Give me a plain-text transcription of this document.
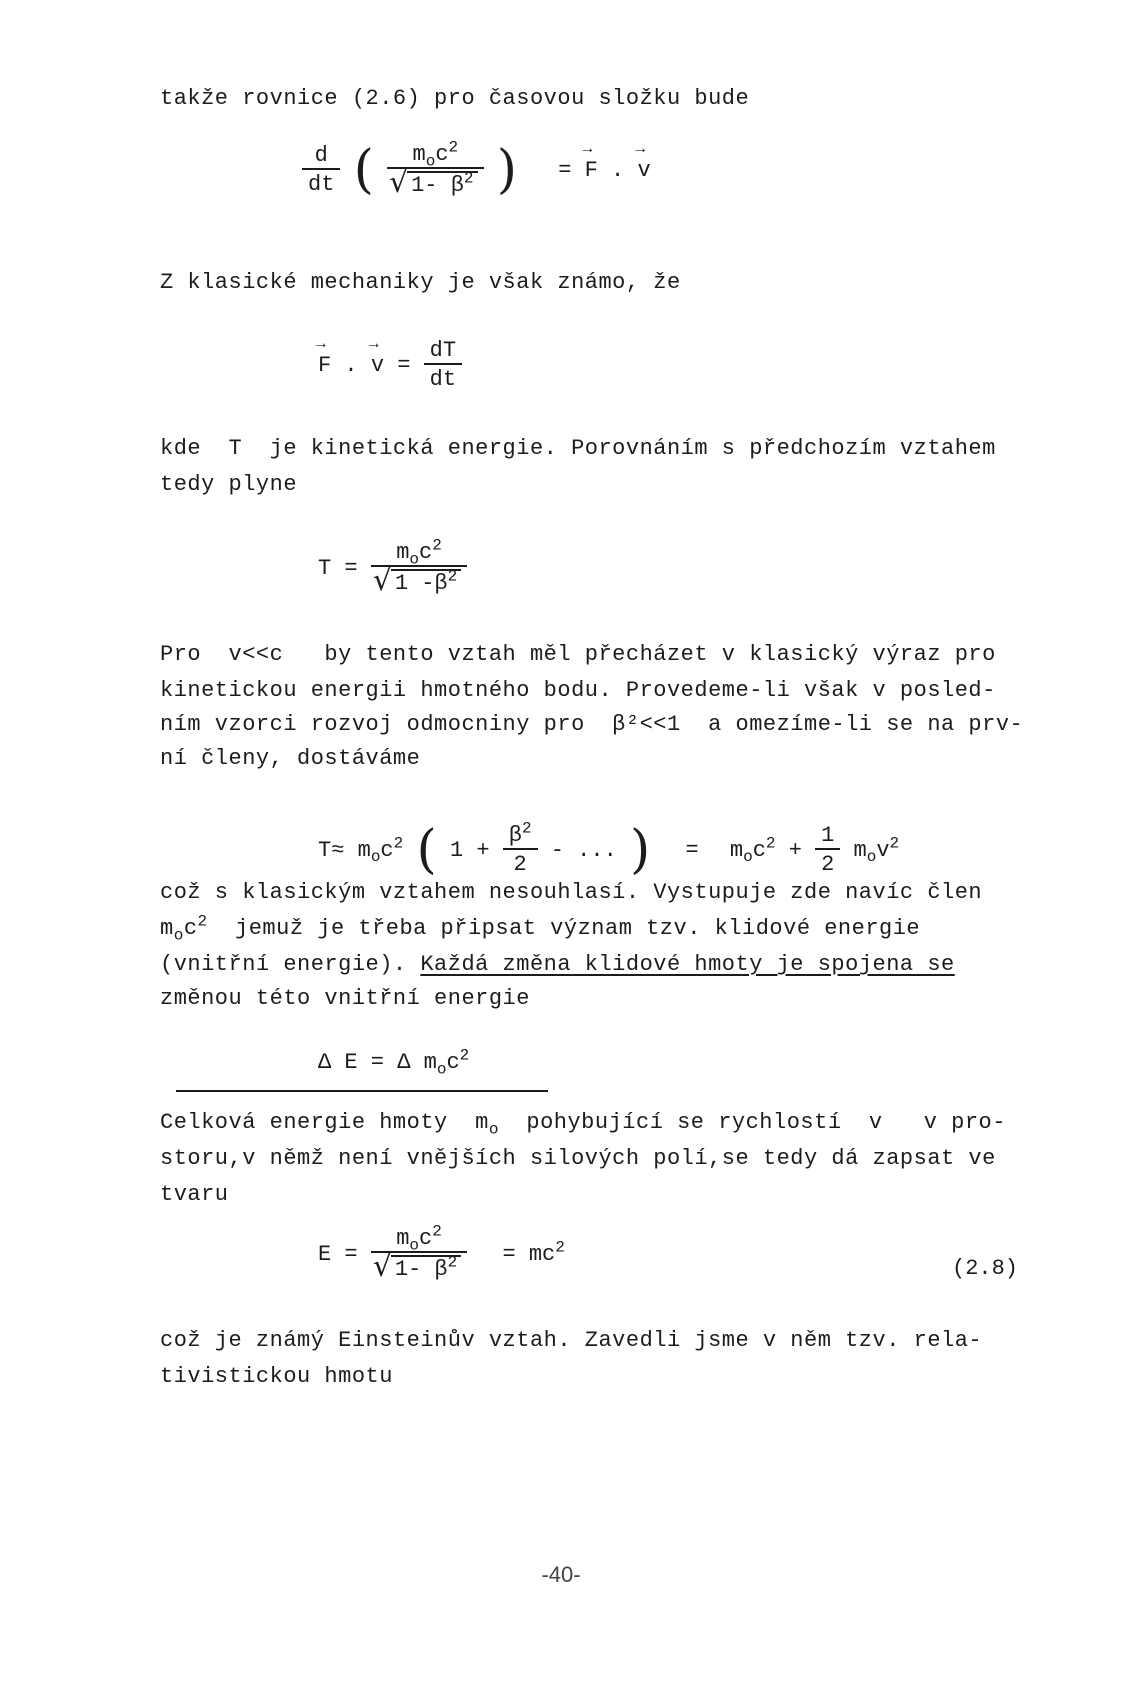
takže rovnice (2.6) pro časovou složku bude
$\frac{d}{dt}$ ( $m_oc^2$
√ 1- $\beta^2$ ) = → F . → v
Z klasické mechaniky je však známo, že
→ F . → $v = \frac{dT}{dt}$
kde  T  je kinetická energie. Porovnáním s předchozím vztahem
tedy plyne
$T = m_oc^2$
√ 1 $-\beta^2$
Pro  v<<c   by tento vztah měl přecházet v klasický výraz pro
kinetickou energii hmotného bodu. Provedeme-li však v posled-
ním vzorci rozvoj odmocniny pro  β²<<1  a omezíme-li se na prv-
ní členy, dostáváme
$T\approx m_oc^2$ ( $1 + \frac{\beta^2}{2}$ - ... ) = $m_oc^2 + \frac{1}{2} m_ov^2$
což s klasickým vztahem nesouhlasí. Vystupuje zde navíc člen
$m_oc^2$  jemuž je třeba připsat význam tzv. klidové energie
(vnitřní energie). Každá změna klidové hmoty je spojena se
změnou této vnitřní energie
Δ E = Δ $m_oc^2$
Celková energie hmoty  $m_o$  pohybující se rychlostí  v   v pro-
storu,v němž není vnějších silových polí,se tedy dá zapsat ve
tvaru
$E = m_oc^2$
√ 1- $\beta^2 = mc^2$
(2.8)
což je známý Einsteinův vztah. Zavedli jsme v něm tzv. rela-
tivistickou hmotu
-40-
